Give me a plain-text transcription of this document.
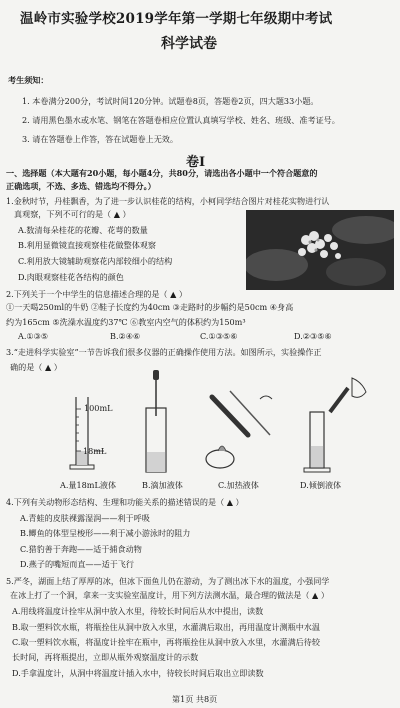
温岭市实验学校2019学年第一学期七年级期中考试
科学试卷
考生须知：
1. 本卷满分200分，考试时间120分钟。试题卷8页，答题卷2页，四大题33小题。
2. 请用黑色墨水或水笔、钢笔在答题卷相应位置认真填写学校、姓名、班级、准考证号。
3. 请在答题卷上作答，答在试题卷上无效。
卷Ⅰ
一、选择题（本大题有20小题，每小题4分，共80分，请选出各小题中一个符合题意的
正确选项，不选、多选、错选均不得分。）
1.金秋时节，丹桂飘香，为了进一步认识桂花的结构，小柯同学结合图片对桂花实物进行认
真观察，下列不可行的是（ ▲ ）
A.数清每朵桂花的花瓣、花萼的数量
B.利用显微镜直接观察桂花做整体观察
C.利用放大镜辅助观察花内部较细小的结构
D.肉眼观察桂花各结构的颜色
2.下列关于一个中学生的信息描述合理的是（ ▲ ）
①一天喝250ml的牛奶 ②鞋子长度约为40cm ③走路时的步幅约是50cm ④身高
约为165cm ⑤洗澡水温度约37℃ ⑥教室内空气的体积约为150m³
A.①③⑤	B.②④⑥	C.①③⑤⑥	D.②③⑤⑥
3.“走进科学实验室”一节告诉我们很多仪器的正确操作使用方法。如图所示，实验操作正
确的是（ ▲ ）
100mL
18mL
A.量18mL液体	B.滴加液体	C.加热液体	D.倾倒液体
4.下列有关动物形态结构、生理和功能关系的描述错误的是（ ▲ ）
A.青蛙的皮肤裸露湿润——利于呼吸
B.鲫鱼的体型呈梭形——利于减小游泳时的阻力
C.猎豹善于奔跑——适于捕食动物
D.燕子的嘴短而直——适于飞行
5.严冬，湖面上结了厚厚的冰，但冰下面鱼儿仍在游动，为了测出冰下水的温度，小强同学
在冰上打了一个洞，拿来一支实验室温度计，用下列方法测水温，最合理的做法是（ ▲ ）
A.用线将温度计拴牢从洞中放入水里，待较长时间后从水中提出，读数
B.取一塑料饮水瓶，将瓶拴住从洞中放入水里，水灌满后取出，再用温度计测瓶中水温
C.取一塑料饮水瓶，将温度计拴牢在瓶中，再将瓶拴住从洞中放入水里，水灌满后待较
长时间，再将瓶提出，立即从瓶外观察温度计的示数
D.手拿温度计，从洞中将温度计插入水中，待较长时间后取出立即读数
第1页 共8页
